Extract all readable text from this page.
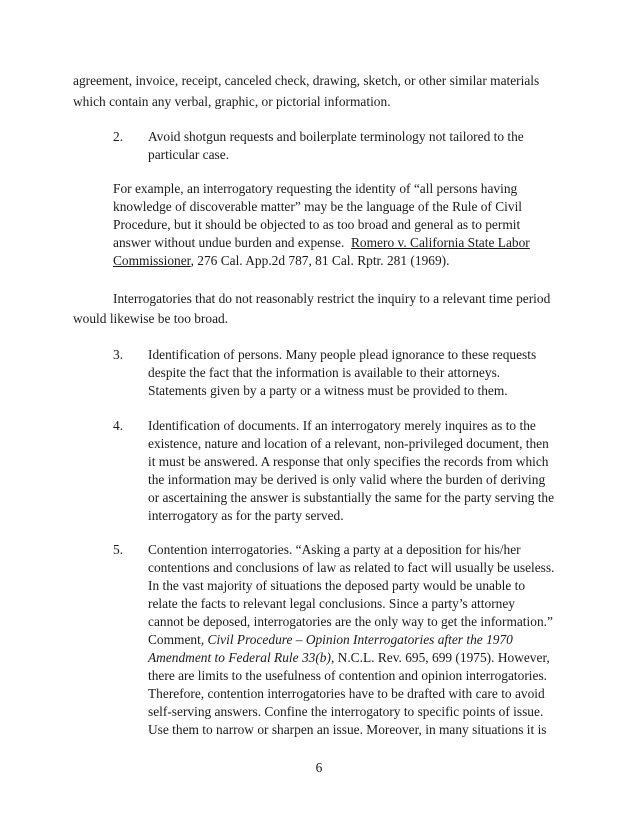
agreement, invoice, receipt, canceled check, drawing, sketch, or other similar materials
which contain any verbal, graphic, or pictorial information.
2. Avoid shotgun requests and boilerplate terminology not tailored to the
particular case.
For example, an interrogatory requesting the identity of “all persons having
knowledge of discoverable matter” may be the language of the Rule of Civil
Procedure, but it should be objected to as too broad and general as to permit
answer without undue burden and expense. Romero v. California State Labor
Commissioner, 276 Cal. App.2d 787, 81 Cal. Rptr. 281 (1969).
Interrogatories that do not reasonably restrict the inquiry to a relevant time period
would likewise be too broad.
3. Identification of persons. Many people plead ignorance to these requests
despite the fact that the information is available to their attorneys.
Statements given by a party or a witness must be provided to them.
4. Identification of documents. If an interrogatory merely inquires as to the
existence, nature and location of a relevant, non-privileged document, then
it must be answered. A response that only specifies the records from which
the information may be derived is only valid where the burden of deriving
or ascertaining the answer is substantially the same for the party serving the
interrogatory as for the party served.
5. Contention interrogatories. “Asking a party at a deposition for his/her
contentions and conclusions of law as related to fact will usually be useless.
In the vast majority of situations the deposed party would be unable to
relate the facts to relevant legal conclusions. Since a party’s attorney
cannot be deposed, interrogatories are the only way to get the information.”
Comment, Civil Procedure – Opinion Interrogatories after the 1970
Amendment to Federal Rule 33(b), N.C.L. Rev. 695, 699 (1975). However,
there are limits to the usefulness of contention and opinion interrogatories.
Therefore, contention interrogatories have to be drafted with care to avoid
self-serving answers. Confine the interrogatory to specific points of issue.
Use them to narrow or sharpen an issue. Moreover, in many situations it is
6
